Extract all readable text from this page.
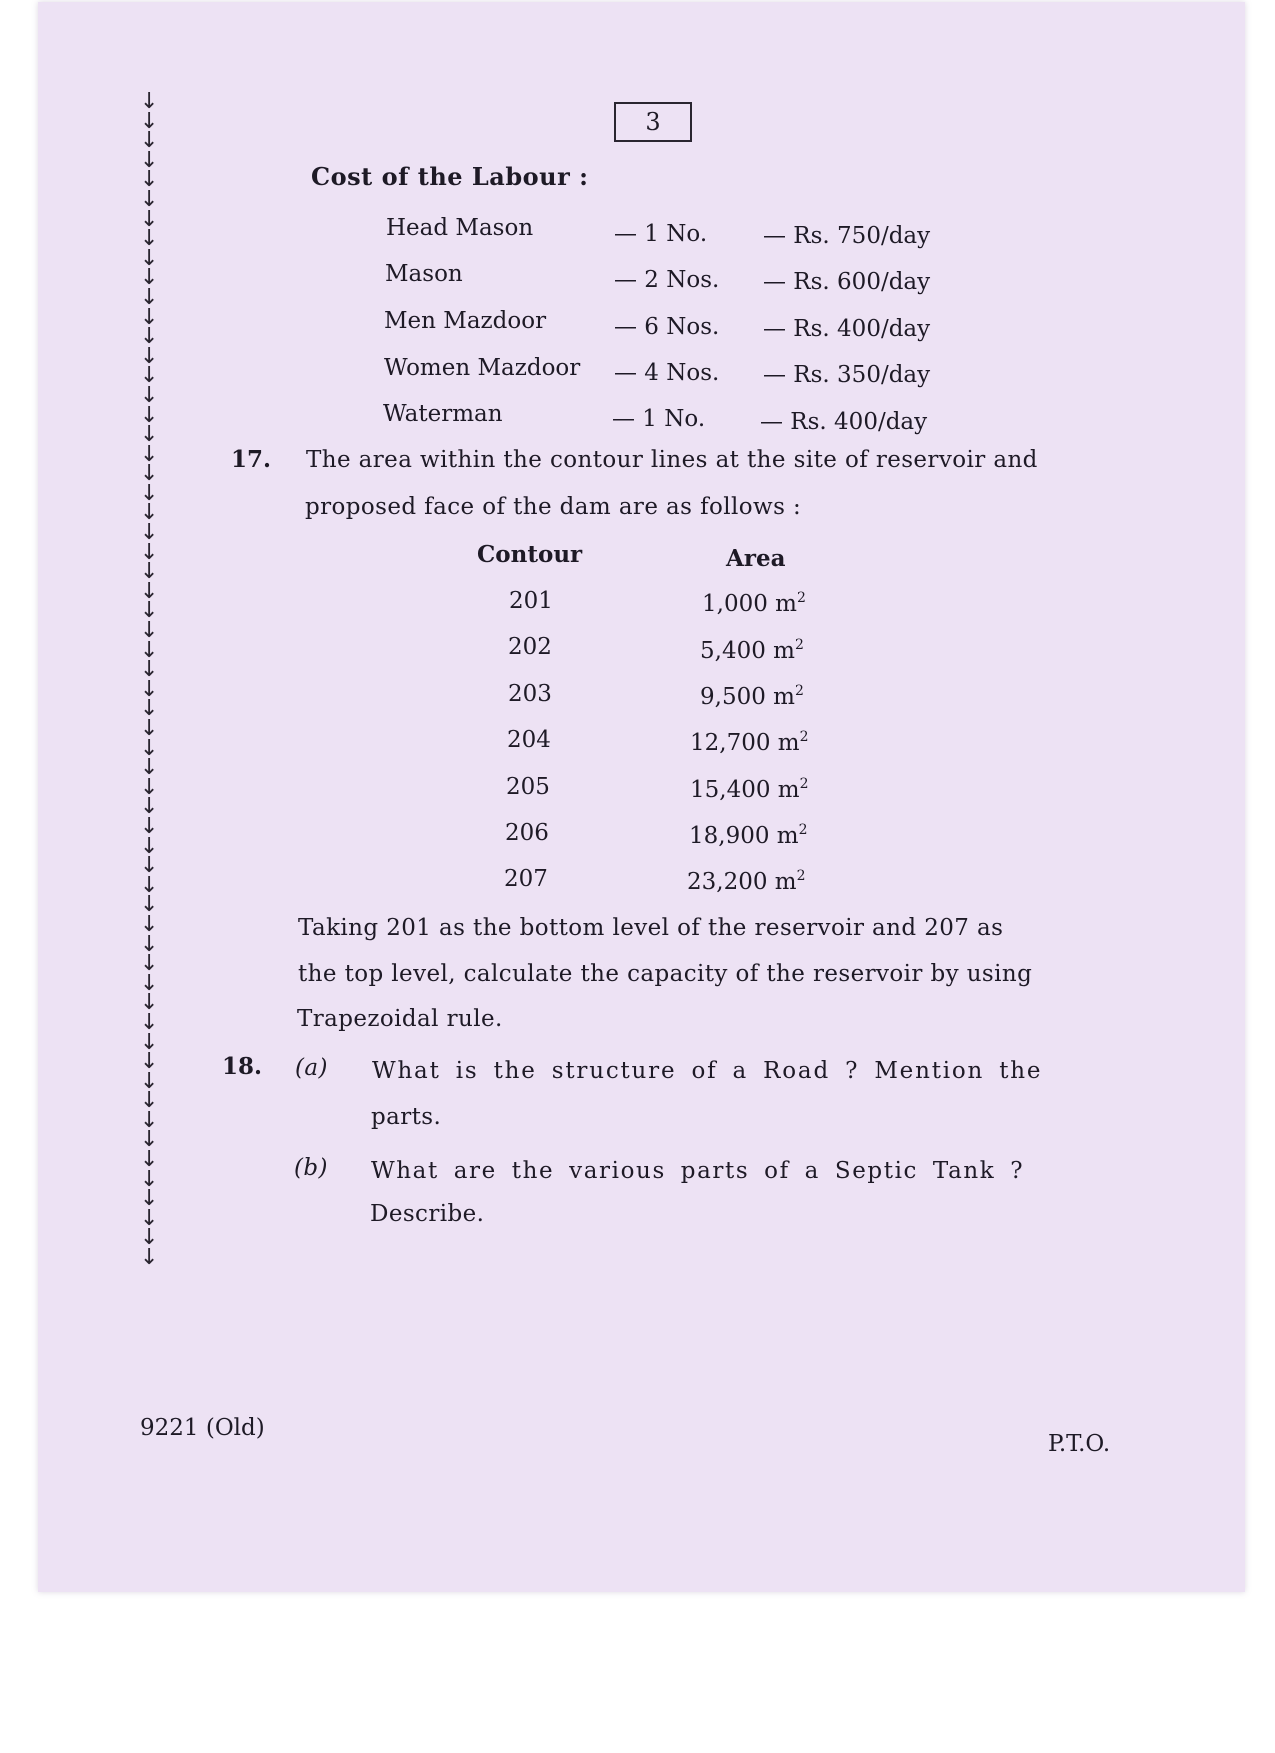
↓
↓
↓
↓
↓
↓
↓
↓
↓
↓
↓
↓
↓
↓
↓
↓
↓
↓
↓
↓
↓
↓
↓
↓
↓
↓
↓
↓
↓
↓
↓
↓
↓
↓
↓
↓
↓
↓
↓
↓
↓
↓
↓
↓
↓
↓
↓
↓
↓
↓
↓
↓
↓
↓
↓
↓
↓
↓
↓
↓
3
Cost of the Labour :
Head Mason	— 1 No. — Rs. 750/day
Mason	— 2 Nos. — Rs. 600/day
Men Mazdoor	— 6 Nos. — Rs. 400/day
Women Mazdoor — 4 Nos. — Rs. 350/day
Waterman	— 1 No. — Rs. 400/day
17. The area within the contour lines at the site of reservoir and
proposed face of the dam are as follows :
Contour	Area
201	1,000 $m^2$
202	5,400 $m^2$
203	9,500 $m^2$
204	12,700 $m^2$
205	15,400 $m^2$
206	18,900 $m^2$
207	23,200 $m^2$
Taking 201 as the bottom level of the reservoir and 207 as
the top level, calculate the capacity of the reservoir by using
Trapezoidal rule.
18. (a) What is the structure of a Road ? Mention the
parts.
(b) What are the various parts of a Septic Tank ?
Describe.
9221 (Old)
P.T.O.
